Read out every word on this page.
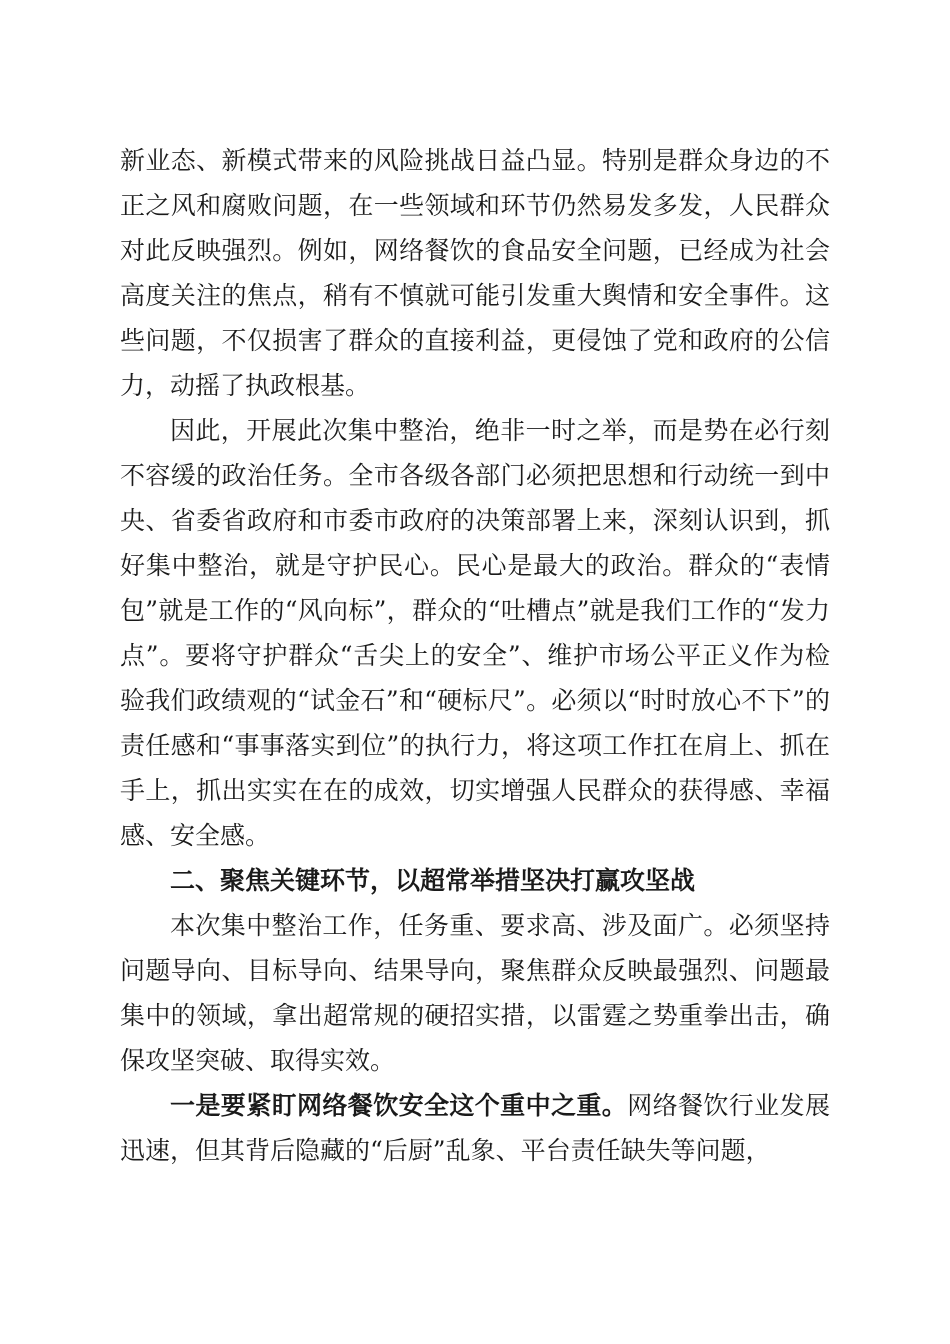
新业态、新模式带来的风险挑战日益凸显。特别是群众身边的不正之风和腐败问题，在一些领域和环节仍然易发多发，人民群众对此反映强烈。例如，网络餐饮的食品安全问题，已经成为社会高度关注的焦点，稍有不慎就可能引发重大舆情和安全事件。这些问题，不仅损害了群众的直接利益，更侵蚀了党和政府的公信力，动摇了执政根基。

因此，开展此次集中整治，绝非一时之举，而是势在必行刻不容缓的政治任务。全市各级各部门必须把思想和行动统一到中央、省委省政府和市委市政府的决策部署上来，深刻认识到，抓好集中整治，就是守护民心。民心是最大的政治。群众的“表情包”就是工作的“风向标”，群众的“吐槽点”就是我们工作的“发力点”。要将守护群众“舌尖上的安全”、维护市场公平正义作为检验我们政绩观的“试金石”和“硬标尺”。必须以“时时放心不下”的责任感和“事事落实到位”的执行力，将这项工作扛在肩上、抓在手上，抓出实实在在的成效，切实增强人民群众的获得感、幸福感、安全感。

二、聚焦关键环节，以超常举措坚决打赢攻坚战

本次集中整治工作，任务重、要求高、涉及面广。必须坚持问题导向、目标导向、结果导向，聚焦群众反映最强烈、问题最集中的领域，拿出超常规的硬招实措，以雷霆之势重拳出击，确保攻坚突破、取得实效。

一是要紧盯网络餐饮安全这个重中之重。网络餐饮行业发展迅速，但其背后隐藏的“后厨”乱象、平台责任缺失等问题，
